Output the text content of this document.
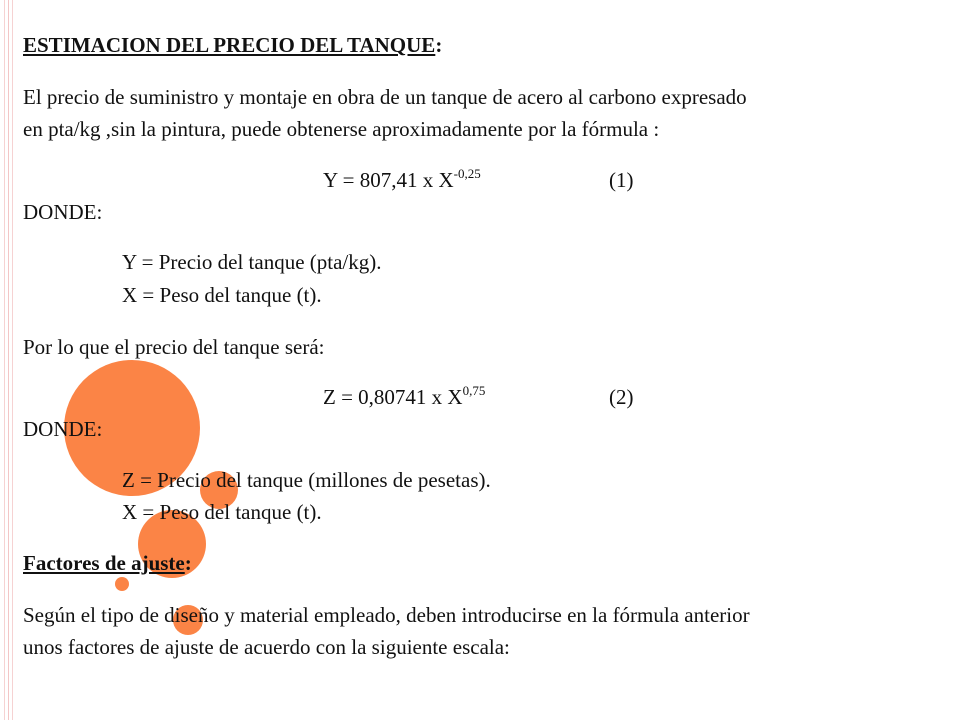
ESTIMACION DEL PRECIO DEL TANQUE:
El precio de suministro y montaje en obra de un tanque de acero al carbono expresado
en pta/kg ,sin la pintura, puede obtenerse aproximadamente por la fórmula :
Y = 807,41 x $X^{-0,25}$	(1)
DONDE:
Y = Precio del tanque (pta/kg).
X = Peso del tanque (t).
Por lo que el precio del tanque será:
Z = 0,80741 x X$^{0,75}$	(2)
DONDE:
Z = Precio del tanque (millones de pesetas).
X = Peso del tanque (t).
Factores de ajuste:
Según el tipo de diseño y material empleado, deben introducirse en la fórmula anterior
unos factores de ajuste de acuerdo con la siguiente escala:
